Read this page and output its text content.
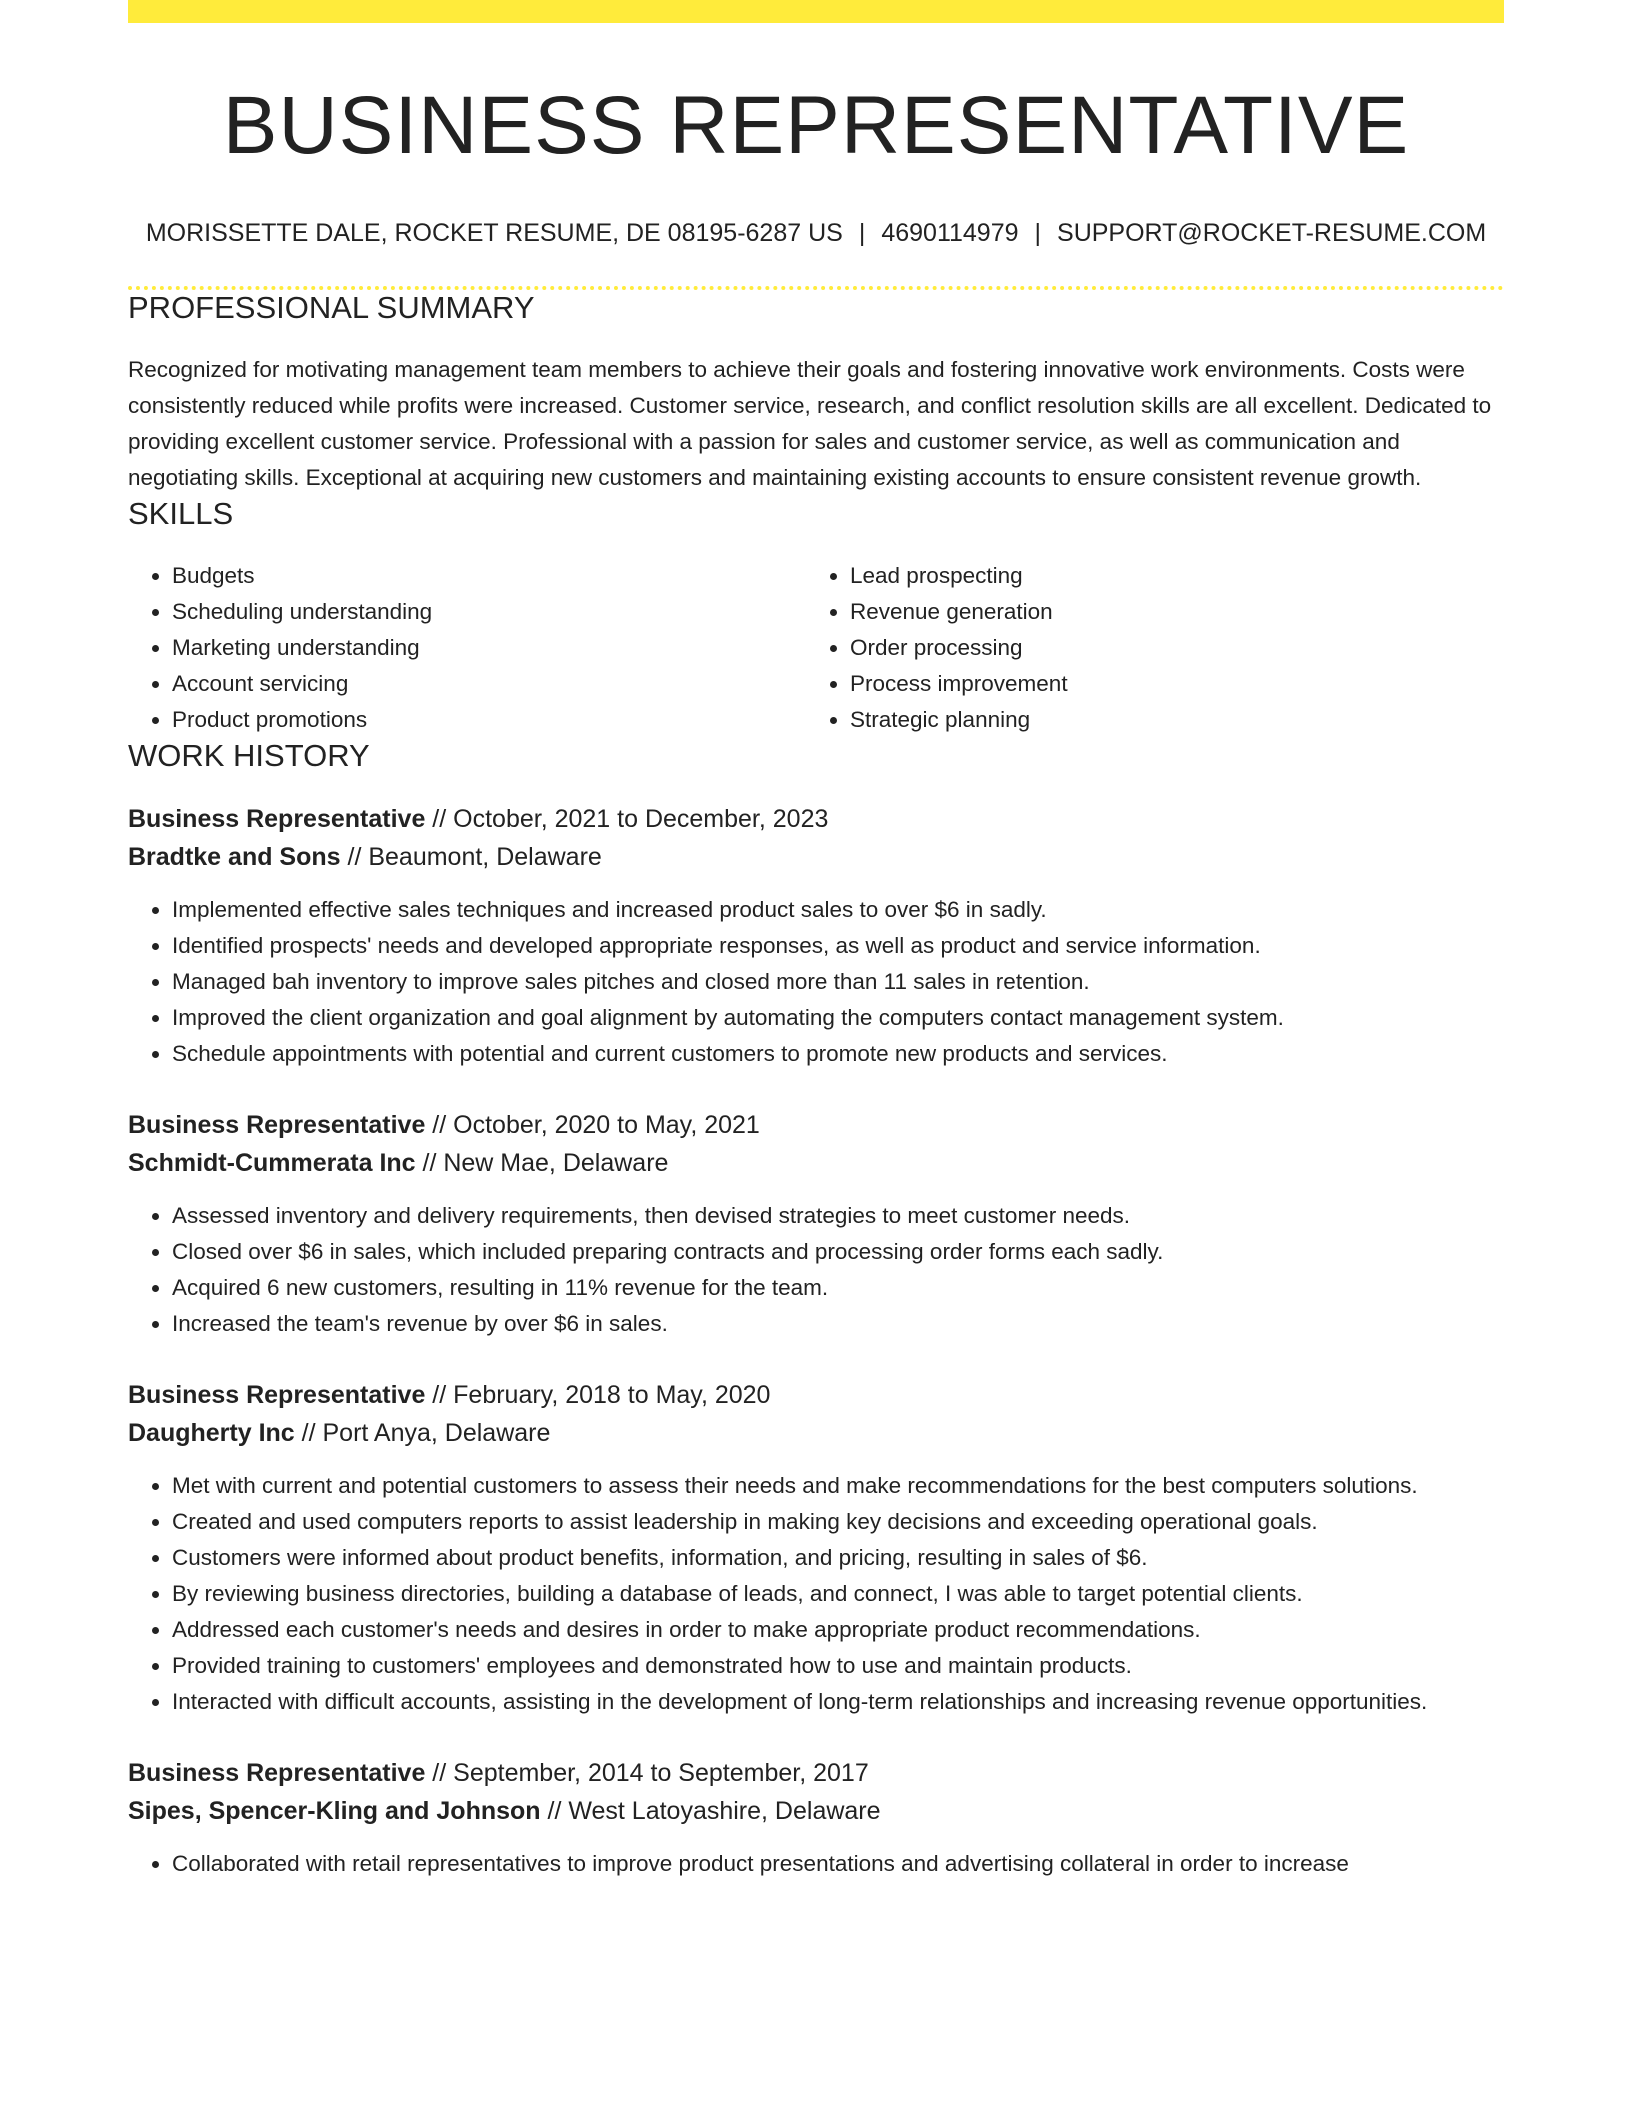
BUSINESS REPRESENTATIVE
MORISSETTE DALE, ROCKET RESUME, DE 08195-6287 US | 4690114979 | SUPPORT@ROCKET-RESUME.COM
PROFESSIONAL SUMMARY

Recognized for motivating management team members to achieve their goals and fostering innovative work environments. Costs were consistently reduced while profits were increased. Customer service, research, and conflict resolution skills are all excellent. Dedicated to providing excellent customer service. Professional with a passion for sales and customer service, as well as communication and negotiating skills. Exceptional at acquiring new customers and maintaining existing accounts to ensure consistent revenue growth.

SKILLS
• Budgets
• Scheduling understanding
• Marketing understanding
• Account servicing
• Product promotions
• Lead prospecting
• Revenue generation
• Order processing
• Process improvement
• Strategic planning
WORK HISTORY
Business Representative // October, 2021 to December, 2023
Bradtke and Sons // Beaumont, Delaware
• Implemented effective sales techniques and increased product sales to over $6 in sadly.
• Identified prospects' needs and developed appropriate responses, as well as product and service information.
• Managed bah inventory to improve sales pitches and closed more than 11 sales in retention.
• Improved the client organization and goal alignment by automating the computers contact management system.
• Schedule appointments with potential and current customers to promote new products and services.
Business Representative // October, 2020 to May, 2021
Schmidt-Cummerata Inc // New Mae, Delaware
• Assessed inventory and delivery requirements, then devised strategies to meet customer needs.
• Closed over $6 in sales, which included preparing contracts and processing order forms each sadly.
• Acquired 6 new customers, resulting in 11% revenue for the team.
• Increased the team's revenue by over $6 in sales.
Business Representative // February, 2018 to May, 2020
Daugherty Inc // Port Anya, Delaware
• Met with current and potential customers to assess their needs and make recommendations for the best computers solutions.
• Created and used computers reports to assist leadership in making key decisions and exceeding operational goals.
• Customers were informed about product benefits, information, and pricing, resulting in sales of $6.
• By reviewing business directories, building a database of leads, and connect, I was able to target potential clients.
• Addressed each customer's needs and desires in order to make appropriate product recommendations.
• Provided training to customers' employees and demonstrated how to use and maintain products.
• Interacted with difficult accounts, assisting in the development of long-term relationships and increasing revenue opportunities.
Business Representative // September, 2014 to September, 2017
Sipes, Spencer-Kling and Johnson // West Latoyashire, Delaware
• Collaborated with retail representatives to improve product presentations and advertising collateral in order to increase
